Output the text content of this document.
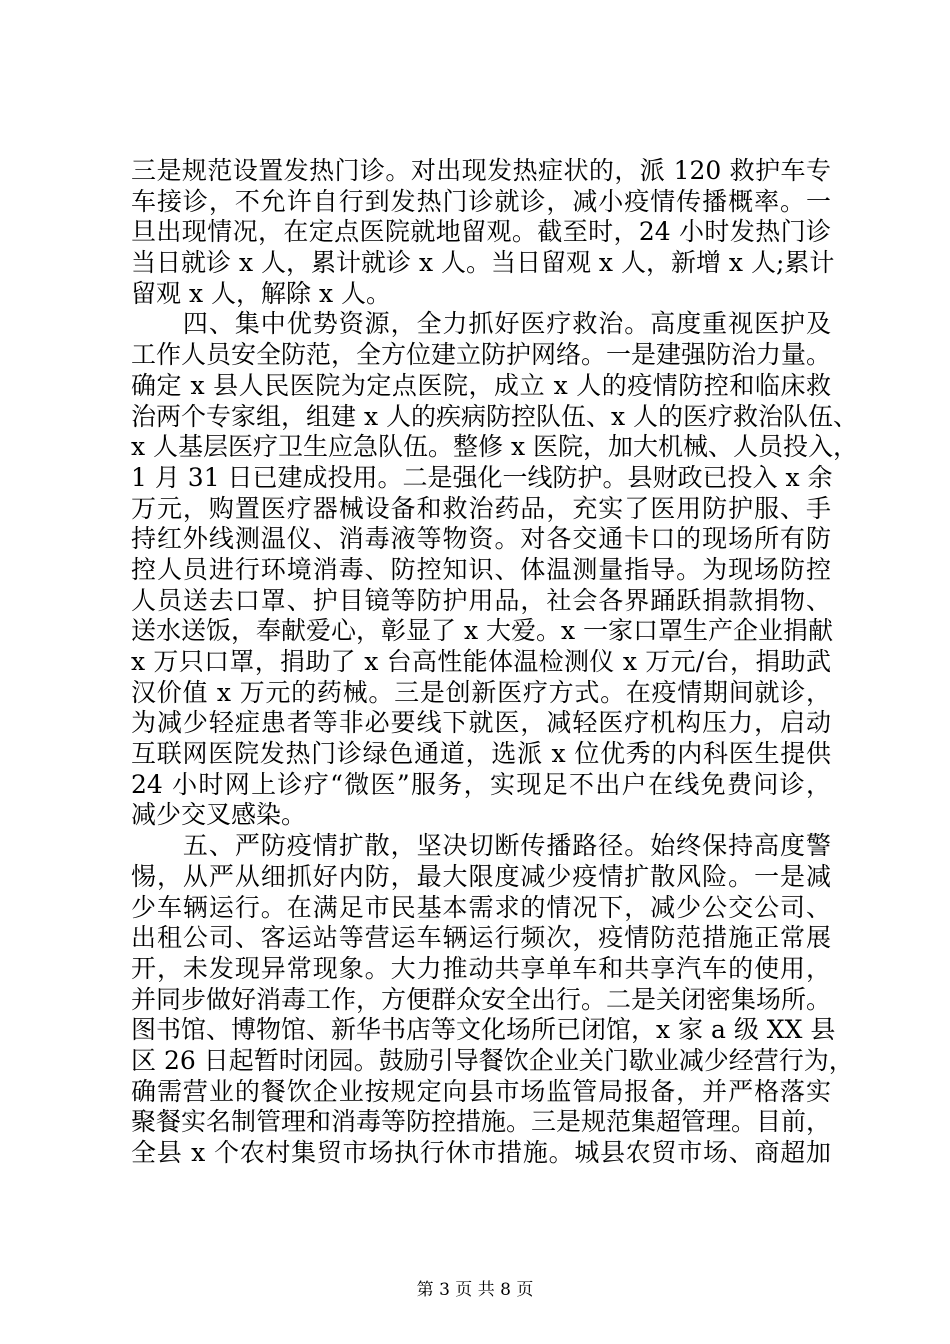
三是规范设置发热门诊。对出现发热症状的，派 120 救护车专
车接诊，不允许自行到发热门诊就诊，减小疫情传播概率。一
旦出现情况，在定点医院就地留观。截至时，24 小时发热门诊
当日就诊 x 人，累计就诊 x 人。当日留观 x 人，新增 x 人;累计
留观 x 人，解除 x 人。
　　四、集中优势资源，全力抓好医疗救治。高度重视医护及
工作人员安全防范，全方位建立防护网络。一是建强防治力量。
确定 x 县人民医院为定点医院，成立 x 人的疫情防控和临床救
治两个专家组，组建 x 人的疾病防控队伍、x 人的医疗救治队伍、
x 人基层医疗卫生应急队伍。整修 x 医院，加大机械、人员投入，
1 月 31 日已建成投用。二是强化一线防护。县财政已投入 x 余
万元，购置医疗器械设备和救治药品，充实了医用防护服、手
持红外线测温仪、消毒液等物资。对各交通卡口的现场所有防
控人员进行环境消毒、防控知识、体温测量指导。为现场防控
人员送去口罩、护目镜等防护用品，社会各界踊跃捐款捐物、
送水送饭，奉献爱心，彰显了 x 大爱。x 一家口罩生产企业捐献
x 万只口罩，捐助了 x 台高性能体温检测仪 x 万元/台，捐助武
汉价值 x 万元的药械。三是创新医疗方式。在疫情期间就诊，
为减少轻症患者等非必要线下就医，减轻医疗机构压力，启动
互联网医院发热门诊绿色通道，选派 x 位优秀的内科医生提供
24 小时网上诊疗“微医”服务，实现足不出户在线免费问诊，
减少交叉感染。
　　五、严防疫情扩散，坚决切断传播路径。始终保持高度警
惕，从严从细抓好内防，最大限度减少疫情扩散风险。一是减
少车辆运行。在满足市民基本需求的情况下，减少公交公司、
出租公司、客运站等营运车辆运行频次，疫情防范措施正常展
开，未发现异常现象。大力推动共享单车和共享汽车的使用，
并同步做好消毒工作，方便群众安全出行。二是关闭密集场所。
图书馆、博物馆、新华书店等文化场所已闭馆，x 家 a 级 XX 县
区 26 日起暂时闭园。鼓励引导餐饮企业关门歇业减少经营行为，
确需营业的餐饮企业按规定向县市场监管局报备，并严格落实
聚餐实名制管理和消毒等防控措施。三是规范集超管理。目前，
全县 x 个农村集贸市场执行休市措施。城县农贸市场、商超加
第 3 页 共 8 页
